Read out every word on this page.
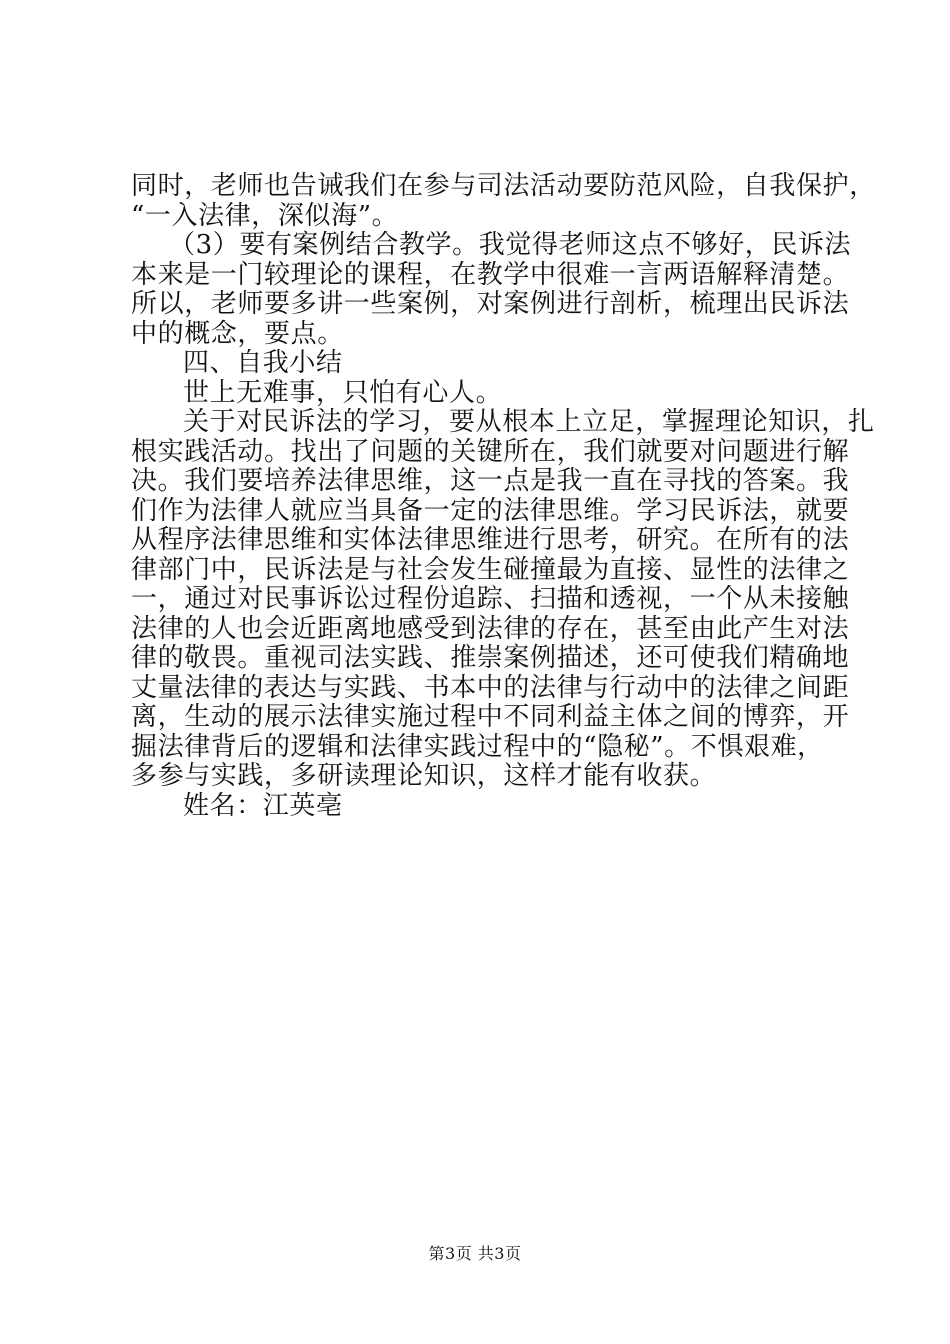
同时，老师也告诫我们在参与司法活动要防范风险，自我保护，
“一入法律，深似海”。
（3）要有案例结合教学。我觉得老师这点不够好，民诉法
本来是一门较理论的课程，在教学中很难一言两语解释清楚。
所以，老师要多讲一些案例，对案例进行剖析，梳理出民诉法
中的概念，要点。
四、自我小结
世上无难事，只怕有心人。
关于对民诉法的学习，要从根本上立足，掌握理论知识，扎
根实践活动。找出了问题的关键所在，我们就要对问题进行解
决。我们要培养法律思维，这一点是我一直在寻找的答案。我
们作为法律人就应当具备一定的法律思维。学习民诉法，就要
从程序法律思维和实体法律思维进行思考，研究。在所有的法
律部门中，民诉法是与社会发生碰撞最为直接、显性的法律之
一，通过对民事诉讼过程份追踪、扫描和透视，一个从未接触
法律的人也会近距离地感受到法律的存在，甚至由此产生对法
律的敬畏。重视司法实践、推崇案例描述，还可使我们精确地
丈量法律的表达与实践、书本中的法律与行动中的法律之间距
离，生动的展示法律实施过程中不同利益主体之间的博弈，开
掘法律背后的逻辑和法律实践过程中的“隐秘”。不惧艰难，
多参与实践，多研读理论知识，这样才能有收获。
姓名：江英亳
第3页 共3页
